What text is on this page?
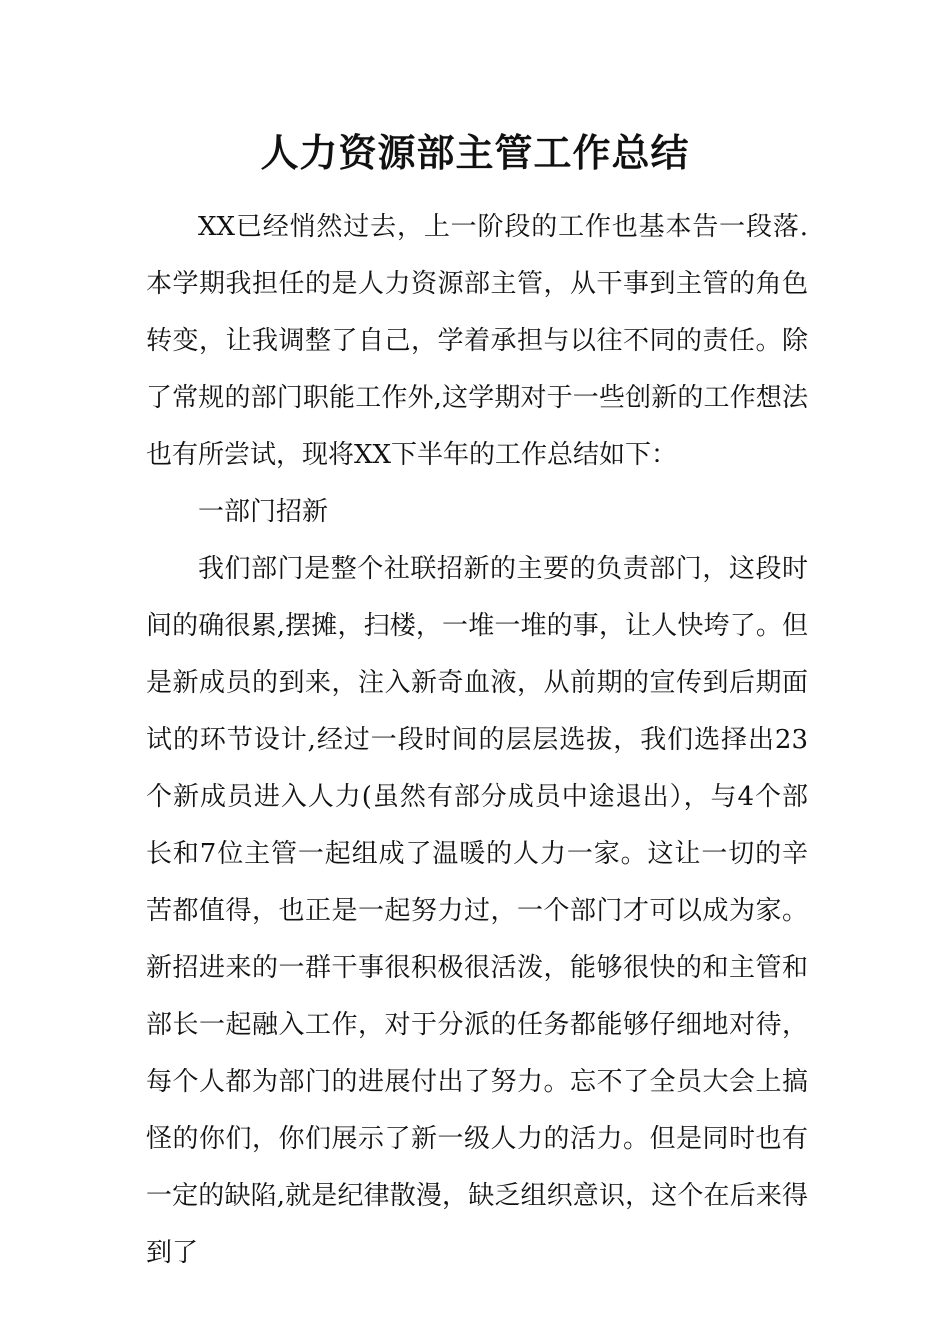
人力资源部主管工作总结

XX已经悄然过去，上一阶段的工作也基本告一段落.本学期我担任的是人力资源部主管，从干事到主管的角色转变，让我调整了自己，学着承担与以往不同的责任。除了常规的部门职能工作外,这学期对于一些创新的工作想法也有所尝试，现将XX下半年的工作总结如下：

一部门招新

我们部门是整个社联招新的主要的负责部门，这段时间的确很累,摆摊，扫楼，一堆一堆的事，让人快垮了。但是新成员的到来，注入新奇血液，从前期的宣传到后期面试的环节设计,经过一段时间的层层选拔，我们选择出23个新成员进入人力(虽然有部分成员中途退出），与4个部长和7位主管一起组成了温暖的人力一家。这让一切的辛苦都值得，也正是一起努力过，一个部门才可以成为家。新招进来的一群干事很积极很活泼，能够很快的和主管和部长一起融入工作，对于分派的任务都能够仔细地对待，每个人都为部门的进展付出了努力。忘不了全员大会上搞怪的你们，你们展示了新一级人力的活力。但是同时也有一定的缺陷,就是纪律散漫，缺乏组织意识，这个在后来得到了
